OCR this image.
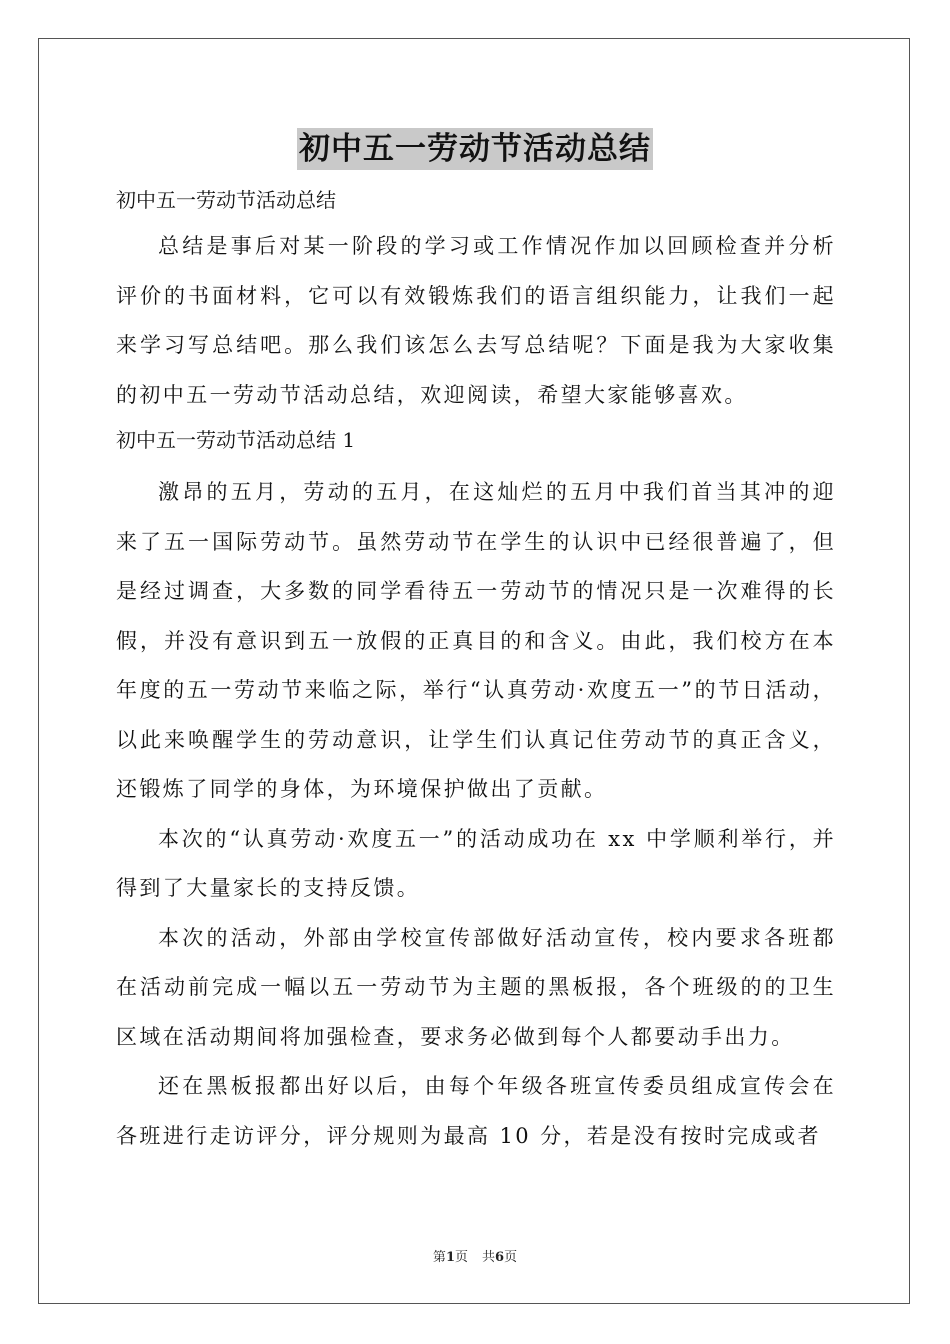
初中五一劳动节活动总结

初中五一劳动节活动总结

总结是事后对某一阶段的学习或工作情况作加以回顾检查并分析评价的书面材料，它可以有效锻炼我们的语言组织能力，让我们一起来学习写总结吧。那么我们该怎么去写总结呢？下面是我为大家收集的初中五一劳动节活动总结，欢迎阅读，希望大家能够喜欢。

初中五一劳动节活动总结 1

激昂的五月，劳动的五月，在这灿烂的五月中我们首当其冲的迎来了五一国际劳动节。虽然劳动节在学生的认识中已经很普遍了，但是经过调查，大多数的同学看待五一劳动节的情况只是一次难得的长假，并没有意识到五一放假的正真目的和含义。由此，我们校方在本年度的五一劳动节来临之际，举行“认真劳动·欢度五一”的节日活动，以此来唤醒学生的劳动意识，让学生们认真记住劳动节的真正含义，还锻炼了同学的身体，为环境保护做出了贡献。

本次的“认真劳动·欢度五一”的活动成功在 xx 中学顺利举行，并得到了大量家长的支持反馈。

本次的活动，外部由学校宣传部做好活动宣传，校内要求各班都在活动前完成一幅以五一劳动节为主题的黑板报，各个班级的的卫生区域在活动期间将加强检查，要求务必做到每个人都要动手出力。

还在黑板报都出好以后，由每个年级各班宣传委员组成宣传会在各班进行走访评分，评分规则为最高 10 分，若是没有按时完成或者

第1页 共6页
